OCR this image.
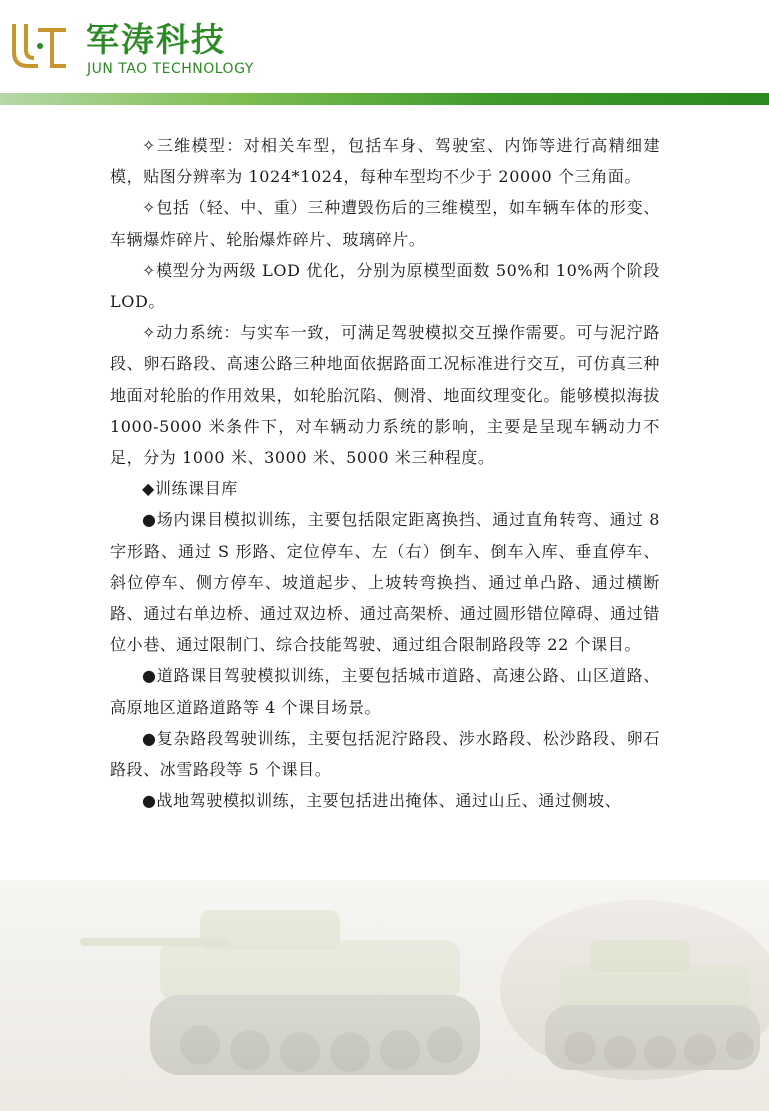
军涛科技
JUN TAO TECHNOLOGY

✧三维模型：对相关车型，包括车身、驾驶室、内饰等进行高精细建模，贴图分辨率为 1024*1024，每种车型均不少于 20000 个三角面。

✧包括（轻、中、重）三种遭毁伤后的三维模型，如车辆车体的形变、车辆爆炸碎片、轮胎爆炸碎片、玻璃碎片。

✧模型分为两级 LOD 优化，分别为原模型面数 50%和 10%两个阶段 LOD。

✧动力系统：与实车一致，可满足驾驶模拟交互操作需要。可与泥泞路段、卵石路段、高速公路三种地面依据路面工况标准进行交互，可仿真三种地面对轮胎的作用效果，如轮胎沉陷、侧滑、地面纹理变化。能够模拟海拔 1000-5000 米条件下，对车辆动力系统的影响，主要是呈现车辆动力不足，分为 1000 米、3000 米、5000 米三种程度。

◆训练课目库

●场内课目模拟训练，主要包括限定距离换挡、通过直角转弯、通过 8 字形路、通过 S 形路、定位停车、左（右）倒车、倒车入库、垂直停车、斜位停车、侧方停车、坡道起步、上坡转弯换挡、通过单凸路、通过横断路、通过右单边桥、通过双边桥、通过高架桥、通过圆形错位障碍、通过错位小巷、通过限制门、综合技能驾驶、通过组合限制路段等 22 个课目。

●道路课目驾驶模拟训练，主要包括城市道路、高速公路、山区道路、高原地区道路道路等 4 个课目场景。

●复杂路段驾驶训练，主要包括泥泞路段、涉水路段、松沙路段、卵石路段、冰雪路段等 5 个课目。

●战地驾驶模拟训练，主要包括进出掩体、通过山丘、通过侧坡、
